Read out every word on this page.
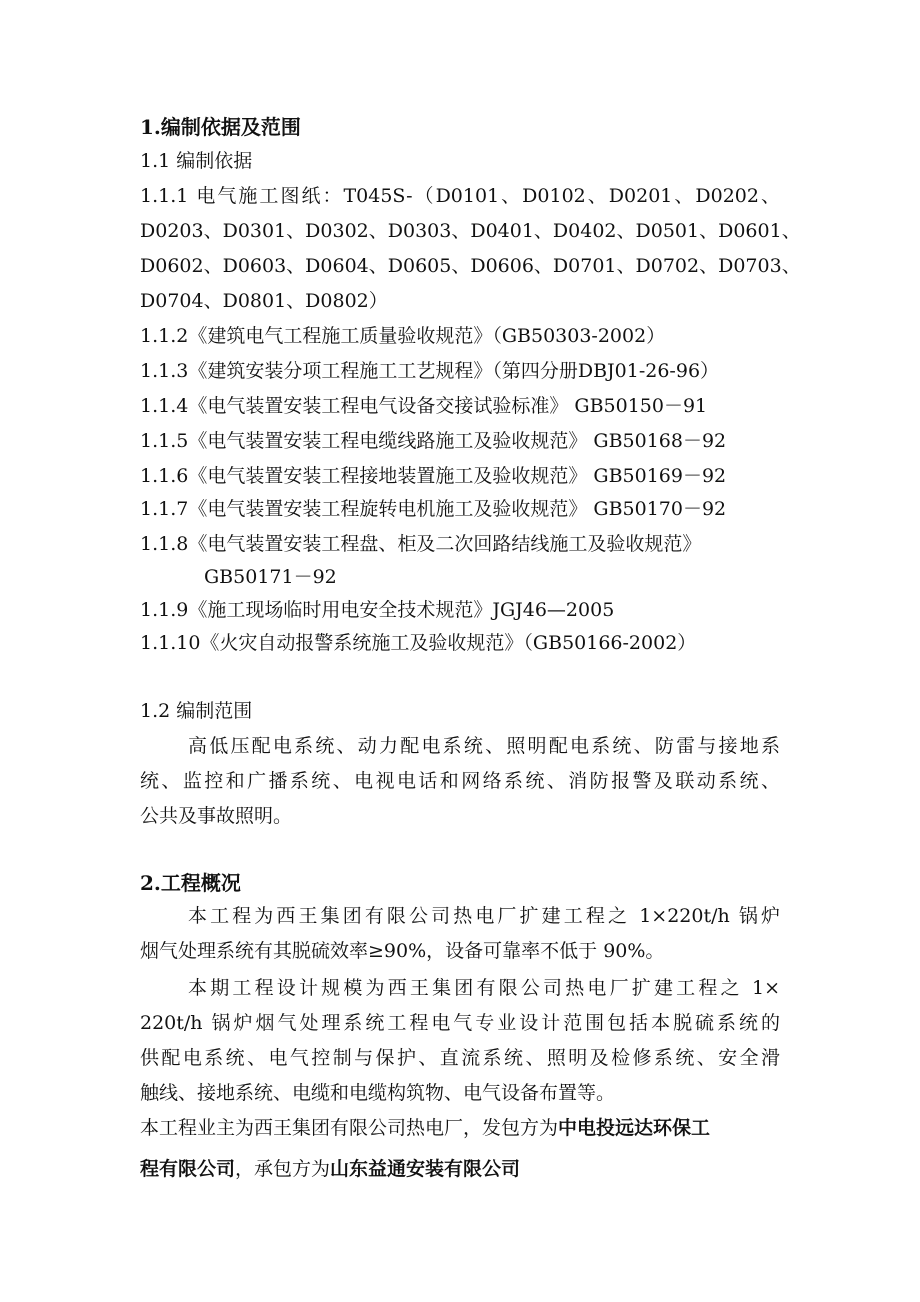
1.编制依据及范围
1.1 编制依据
1.1.1 电气施工图纸：T045S-（D0101、D0102、D0201、D0202、
D0203、D0301、D0302、D0303、D0401、D0402、D0501、D0601、
D0602、D0603、D0604、D0605、D0606、D0701、D0702、D0703、
D0704、D0801、D0802）
1.1.2《建筑电气工程施工质量验收规范》（GB50303-2002）
1.1.3《建筑安装分项工程施工工艺规程》（第四分册DBJ01-26-96）
1.1.4《电气装置安装工程电气设备交接试验标准》 GB50150－91
1.1.5《电气装置安装工程电缆线路施工及验收规范》 GB50168－92
1.1.6《电气装置安装工程接地装置施工及验收规范》 GB50169－92
1.1.7《电气装置安装工程旋转电机施工及验收规范》 GB50170－92
1.1.8《电气装置安装工程盘、柜及二次回路结线施工及验收规范》
GB50171－92
1.1.9《施工现场临时用电安全技术规范》JGJ46—2005
1.1.10《火灾自动报警系统施工及验收规范》（GB50166-2002）
1.2 编制范围
高低压配电系统、动力配电系统、照明配电系统、防雷与接地系
统、监控和广播系统、电视电话和网络系统、消防报警及联动系统、
公共及事故照明。
2.工程概况
本工程为西王集团有限公司热电厂扩建工程之 1×220t/h 锅炉
烟气处理系统有其脱硫效率≥90%，设备可靠率不低于 90%。
本期工程设计规模为西王集团有限公司热电厂扩建工程之 1×
220t/h 锅炉烟气处理系统工程电气专业设计范围包括本脱硫系统的
供配电系统、电气控制与保护、直流系统、照明及检修系统、安全滑
触线、接地系统、电缆和电缆构筑物、电气设备布置等。
本工程业主为西王集团有限公司热电厂，发包方为中电投远达环保工
程有限公司，承包方为山东益通安装有限公司
